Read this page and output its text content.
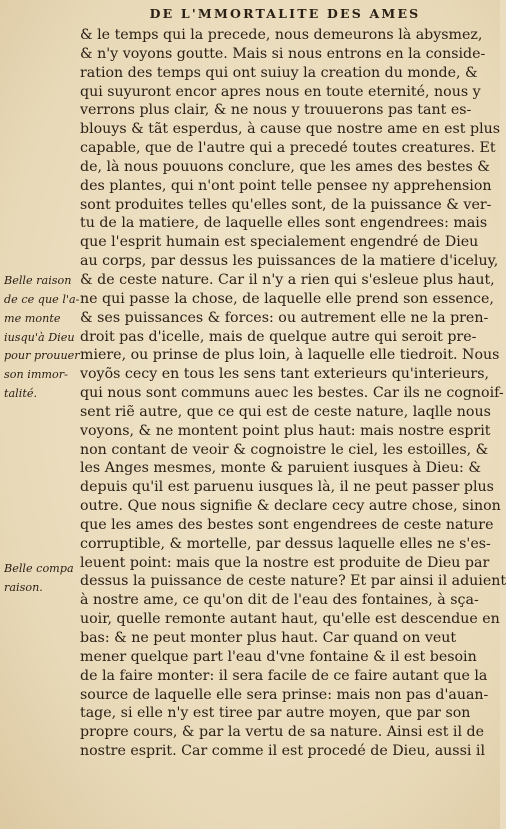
DE L'MMORTALITE DES AMES
& le temps qui la precede, nous demeurons là abysmez,
& n'y voyons goutte. Mais si nous entrons en la conside-
ration des temps qui ont suiuy la creation du monde, &
qui suyuront encor apres nous en toute eternité, nous y
verrons plus clair, & ne nous y trouuerons pas tant es-
blouys & tãt esperdus, à cause que nostre ame en est plus
capable, que de l'autre qui a precedé toutes creatures. Et
de, là nous pouuons conclure, que les ames des bestes &
des plantes, qui n'ont point telle pensee ny apprehension
sont produites telles qu'elles sont, de la puissance & ver-
tu de la matiere, de laquelle elles sont engendrees: mais
que l'esprit humain est specialement engendré de Dieu
au corps, par dessus les puissances de la matiere d'iceluy,
& de ceste nature. Car il n'y a rien qui s'esleue plus haut,
ne qui passe la chose, de laquelle elle prend son essence,
& ses puissances & forces: ou autrement elle ne la pren-
droit pas d'icelle, mais de quelque autre qui seroit pre-
miere, ou prinse de plus loin, à laquelle elle tiedroit. Nous
voyõs cecy en tous les sens tant exterieurs qu'interieurs,
qui nous sont communs auec les bestes. Car ils ne cognoif-
sent riẽ autre, que ce qui est de ceste nature, laqlle nous
voyons, & ne montent point plus haut: mais nostre esprit
non contant de veoir & cognoistre le ciel, les estoilles, &
les Anges mesmes, monte & paruient iusques à Dieu: &
depuis qu'il est paruenu iusques là, il ne peut passer plus
outre. Que nous signifie & declare cecy autre chose, sinon
que les ames des bestes sont engendrees de ceste nature
corruptible, & mortelle, par dessus laquelle elles ne s'es-
leuent point: mais que la nostre est produite de Dieu par
dessus la puissance de ceste nature? Et par ainsi il aduient
à nostre ame, ce qu'on dit de l'eau des fontaines, à sça-
uoir, quelle remonte autant haut, qu'elle est descendue en
bas: & ne peut monter plus haut. Car quand on veut
mener quelque part l'eau d'vne fontaine & il est besoin
de la faire monter: il sera facile de ce faire autant que la
source de laquelle elle sera prinse: mais non pas d'auan-
tage, si elle n'y est tiree par autre moyen, que par son
propre cours, & par la vertu de sa nature. Ainsi est il de
nostre esprit. Car comme il est procedé de Dieu, aussi il
Belle raison
de ce que l'a-
me monte
iusqu'à Dieu
pour prouuer
son immor-
talité.
Belle compa
raison.
